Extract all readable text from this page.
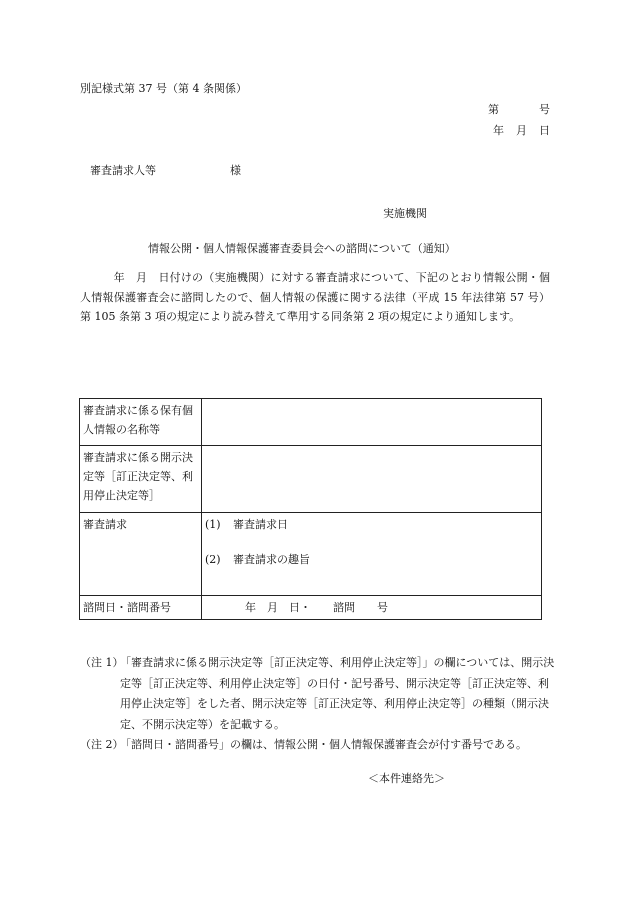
別記様式第 37 号（第 4 条関係）
第	号
年 月 日
審査請求人等	様
実施機関
情報公開・個人情報保護審査委員会への諮問について（通知）

　　　年　月　日付けの（実施機関）に対する審査請求について、下記のとおり情報公開・個人情報保護審査会に諮問したので、個人情報の保護に関する法律（平成 15 年法律第 57 号）第 105 条第 3 項の規定により読み替えて準用する同条第 2 項の規定により通知します。

審査請求に係る保有個人情報の名称等	
審査請求に係る開示決定等［訂正決定等、利用停止決定等］	
審査請求	(1) 審査請求日
(2) 審査請求の趣旨

諮問日・諮問番号	年　月　日・　　諮問　　号

（注 1）
「審査請求に係る開示決定等［訂正決定等、利用停止決定等］」の欄については、開示決定等［訂正決定等、利用停止決定等］の日付・記号番号、開示決定等［訂正決定等、利用停止決定等］をした者、開示決定等［訂正決定等、利用停止決定等］の種類（開示決定、不開示決定等）を記載する。

（注 2）
「諮問日・諮問番号」の欄は、情報公開・個人情報保護審査会が付す番号である。

＜本件連絡先＞
